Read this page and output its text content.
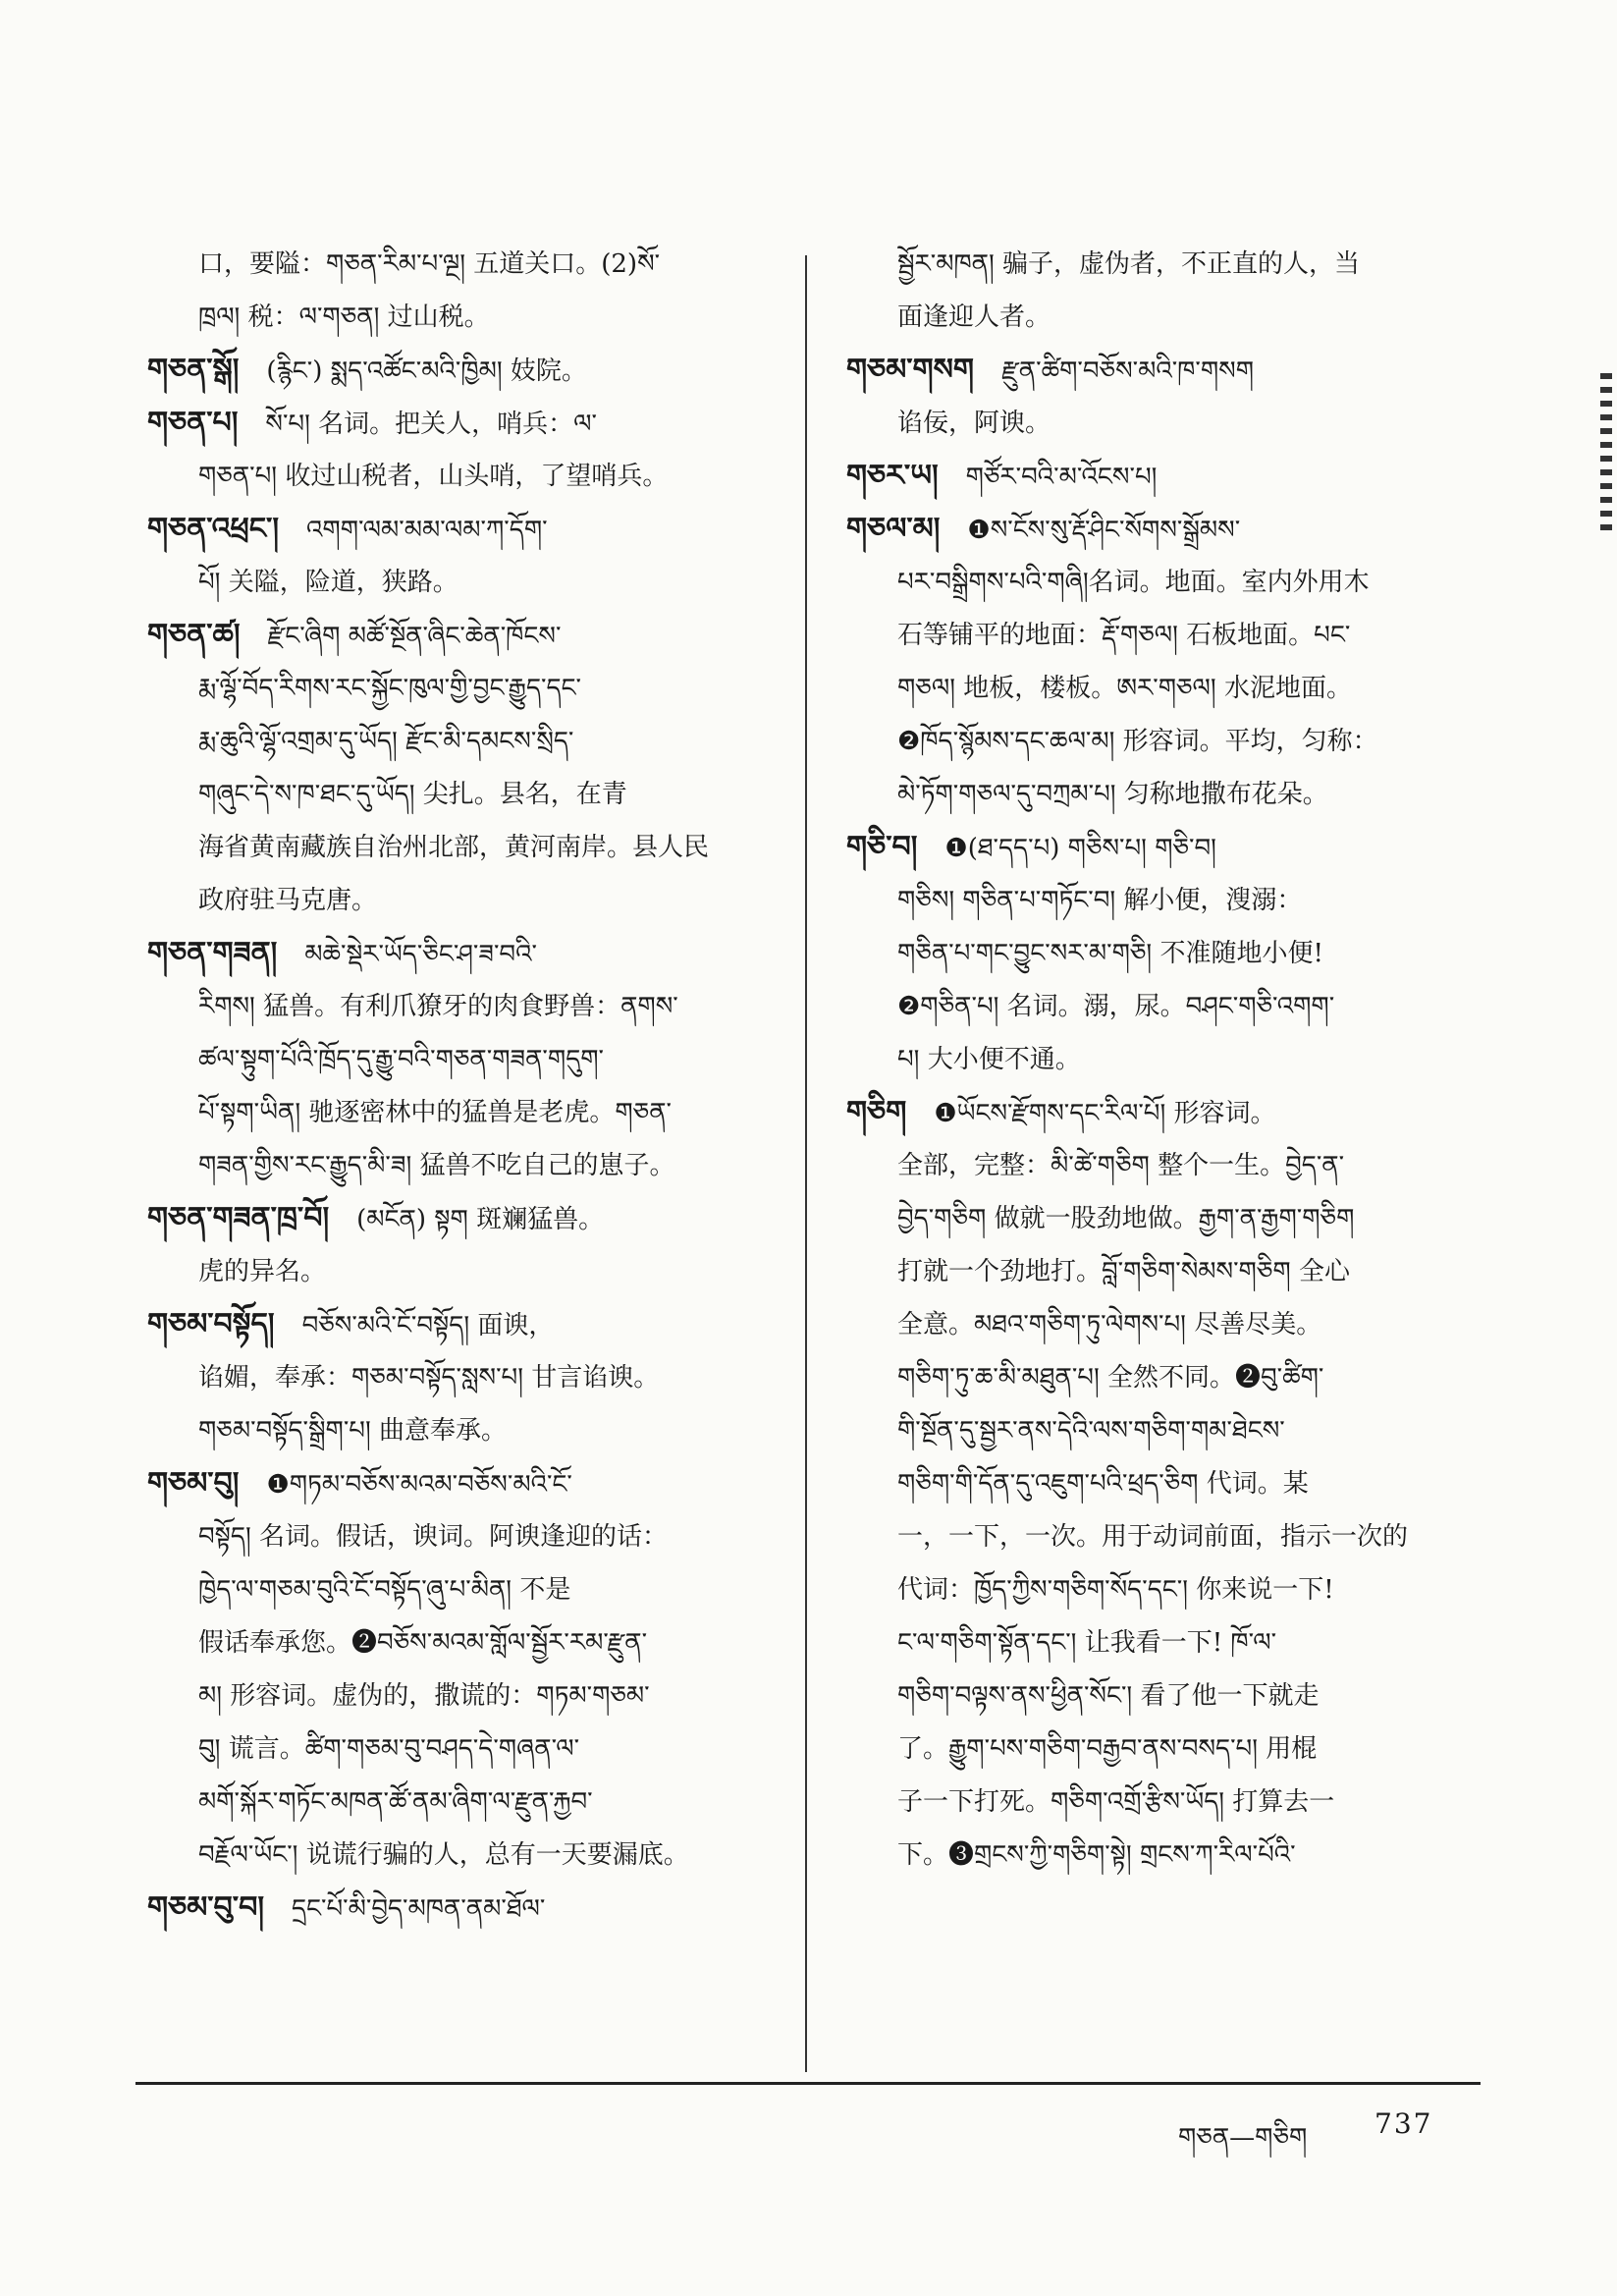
口，要隘：གཅན་རིམ་པ་ལྔ། 五道关口。(2)སོ་
ཁྲལ། 税：ལ་གཅན། 过山税。
གཅན་སྒོ། (རྙིང་) སྨད་འཚོང་མའི་ཁྱིམ། 妓院。
གཅན་པ། སོ་པ། 名词。把关人，哨兵：ལ་
གཅན་པ། 收过山税者，山头哨，了望哨兵。
གཅན་འཕྲང་། འགག་ལམ་མམ་ལམ་ཀ་དོག་
པོ། 关隘，险道，狭路。
གཅན་ཚ། རྫོང་ཞིག མཚོ་སྔོན་ཞིང་ཆེན་ཁོངས་
རྨ་ལྷོ་བོད་རིགས་རང་སྐྱོང་ཁུལ་གྱི་བྱང་རྒྱུད་དང་
རྨ་ཆུའི་ལྷོ་འགྲམ་དུ་ཡོད། རྫོང་མི་དམངས་སྲིད་
གཞུང་དེ་ས་ཁ་ཐང་དུ་ཡོད། 尖扎。县名，在青
海省黄南藏族自治州北部，黄河南岸。县人民
政府驻马克唐。
གཅན་གཟན། མཆེ་སྡེར་ཡོད་ཅིང་ཤ་ཟ་བའི་
རིགས། 猛兽。有利爪獠牙的肉食野兽：ནགས་
ཚལ་སྟུག་པོའི་ཁྲོད་དུ་རྒྱུ་བའི་གཅན་གཟན་གདུག་
པོ་སྟག་ཡིན། 驰逐密林中的猛兽是老虎。གཅན་
གཟན་གྱིས་རང་རྒྱུད་མི་ཟ། 猛兽不吃自己的崽子。
གཅན་གཟན་ཁྲ་བོ། (མངོན) སྟག 斑斓猛兽。
虎的异名。
གཅམ་བསྟོད། བཅོས་མའི་ངོ་བསྟོད། 面谀，
谄媚，奉承：གཅམ་བསྟོད་སླས་པ། 甘言谄谀。
གཅམ་བསྟོད་སྒྲིག་པ། 曲意奉承。
གཅམ་བུ། ❶གཏམ་བཅོས་མའམ་བཅོས་མའི་ངོ་
བསྟོད། 名词。假话，谀词。阿谀逢迎的话：
ཁྱེད་ལ་གཅམ་བུའི་ངོ་བསྟོད་ཞུ་པ་མིན། 不是
假话奉承您。❷བཅོས་མའམ་གློལ་སྦྱོར་རམ་རྫུན་
མ། 形容词。虚伪的，撒谎的：གཏམ་གཅམ་
བུ། 谎言。ཚིག་གཅམ་བུ་བཤད་དེ་གཞན་ལ་
མགོ་སྐོར་གཏོང་མཁན་ཚོ་ནམ་ཞིག་ལ་རྫུན་རྐྱབ་
བརྗོལ་ཡོང་། 说谎行骗的人，总有一天要漏底。
གཅམ་བུ་བ། དྲང་པོ་མི་བྱེད་མཁན་ནམ་ཐོལ་
སྦྱོར་མཁན། 骗子，虚伪者，不正直的人，当
面逢迎人者。
གཅམ་གསག རྫུན་ཚིག་བཅོས་མའི་ཁ་གསག
谄佞，阿谀。
གཅར་ཡ། གཙོར་བའི་མ་འོངས་པ།
གཅལ་མ། ❶ས་ངོས་སུ་རྡོ་ཤིང་སོགས་སྒྲོམས་
པར་བསྒྲིགས་པའི་གཞི།名词。地面。室内外用木
石等铺平的地面：རྡོ་གཅལ། 石板地面。པང་
གཅལ། 地板，楼板。ཨར་གཅལ། 水泥地面。
❷ཁོད་སྙོམས་དང་ཆལ་མ། 形容词。平均，匀称：
མེ་ཏོག་གཅལ་དུ་བཀྲམ་པ། 匀称地撒布花朵。
གཅི་བ། ❶(ཐ་དད་པ) གཅིས་པ། གཅི་བ།
གཅིས། གཅིན་པ་གཏོང་བ། 解小便，溲溺：
གཅིན་པ་གང་བྱུང་སར་མ་གཅི། 不准随地小便!
❷གཅིན་པ། 名词。溺，尿。བཤང་གཅི་འགག་
པ། 大小便不通。
གཅིག ❶ཡོངས་རྫོགས་དང་རིལ་པོ། 形容词。
全部，完整：མི་ཚེ་གཅིག 整个一生。བྱེད་ན་
བྱེད་གཅིག 做就一股劲地做。རྒྱག་ན་རྒྱག་གཅིག
打就一个劲地打。བློ་གཅིག་སེམས་གཅིག 全心
全意。མཐའ་གཅིག་ཏུ་ལེགས་པ། 尽善尽美。
གཅིག་ཏུ་ཆ་མི་མཐུན་པ། 全然不同。❷བུ་ཚིག་
གི་སྔོན་དུ་སྦྱར་ནས་དེའི་ལས་གཅིག་གམ་ཐེངས་
གཅིག་གི་དོན་དུ་འཇུག་པའི་ཕྲད་ཅིག 代词。某
一，一下，一次。用于动词前面，指示一次的
代词：ཁྱོད་ཀྱིས་གཅིག་སོད་དང་། 你来说一下!
ང་ལ་གཅིག་སྟོན་དང་། 让我看一下! ཁོ་ལ་
གཅིག་བལྟས་ནས་ཕྱིན་སོང་། 看了他一下就走
了。རྒྱུག་པས་གཅིག་བརྒྱབ་ནས་བསད་པ། 用棍
子一下打死。གཅིག་འགྲོ་རྩིས་ཡོད། 打算去一
下。❸གྲངས་ཀྱི་གཅིག་སྟེ། གྲངས་ཀ་རིལ་པོའི་
གཅན—གཅིག 737
